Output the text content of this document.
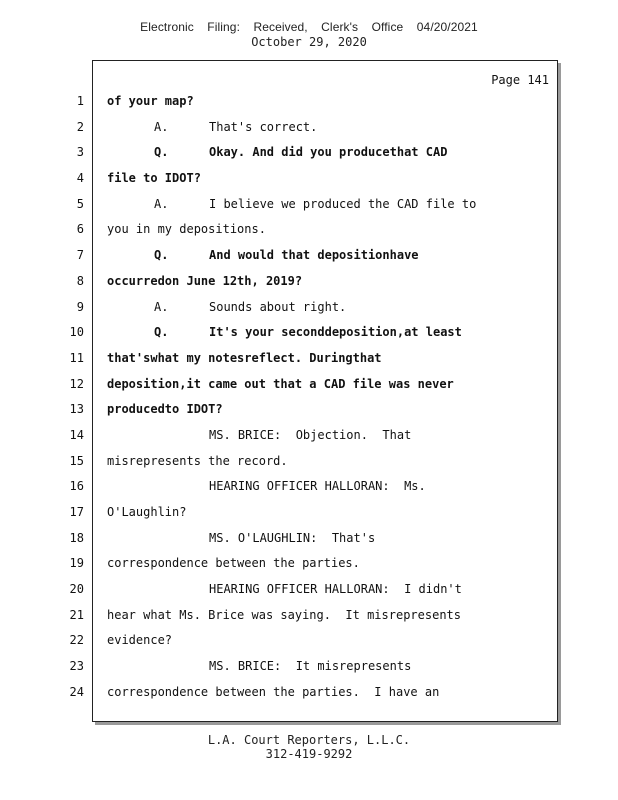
Electronic Filing: Received, Clerk's Office 04/20/2021
October 29, 2020
Page 141
1
2
3
4
5
6
7
8
9
10
11
12
13
14
15
16
17
18
19
20
21
22
23
24
of your map?
A.	That's correct.
Q.	Okay. And did you producethat CAD
file to IDOT?
A.	I believe we produced the CAD file to
you in my depositions.
Q.	And would that depositionhave
occurredon June 12th, 2019?
A.	Sounds about right.
Q.	It's your seconddeposition,at least
that'swhat my notesreflect. Duringthat
deposition,it came out that a CAD file was never
producedto IDOT?
MS. BRICE:  Objection.  That
misrepresents the record.
HEARING OFFICER HALLORAN:  Ms.
O'Laughlin?
MS. O'LAUGHLIN:  That's
correspondence between the parties.
HEARING OFFICER HALLORAN:  I didn't
hear what Ms. Brice was saying.  It misrepresents
evidence?
MS. BRICE:  It misrepresents
correspondence between the parties.  I have an
L.A. Court Reporters, L.L.C.
312-419-9292
